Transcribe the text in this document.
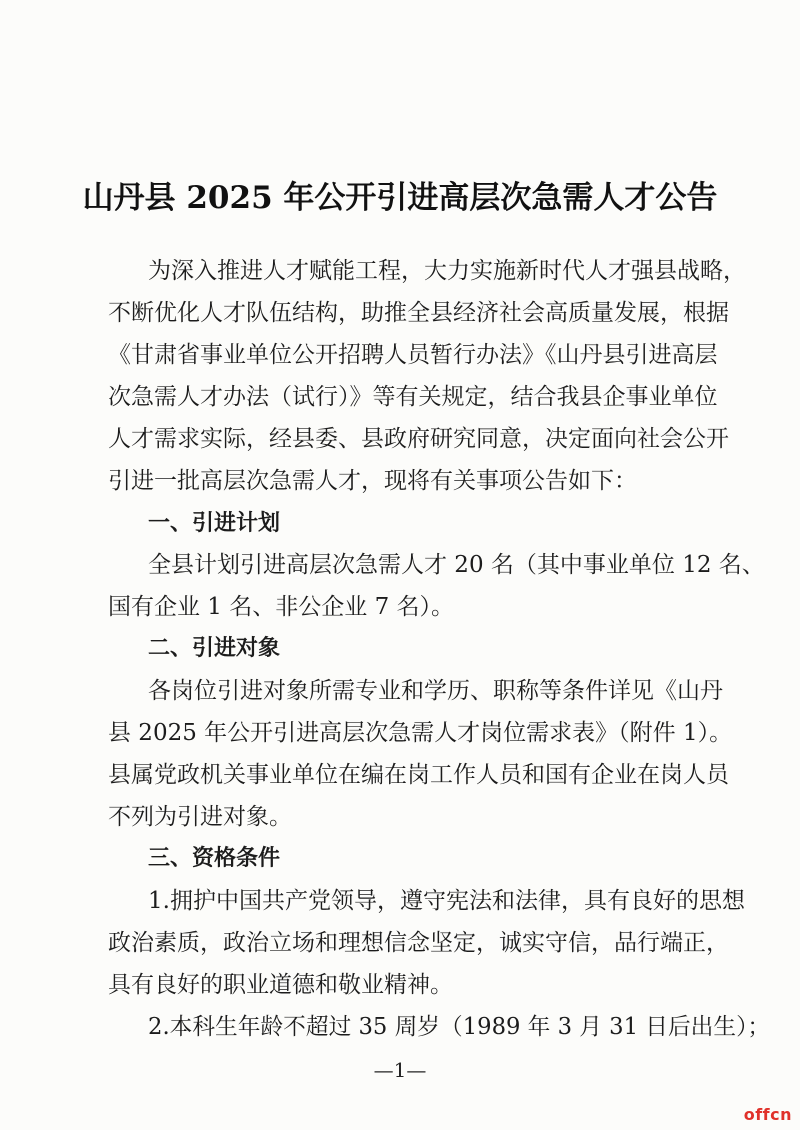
山丹县 2025 年公开引进高层次急需人才公告
为深入推进人才赋能工程，大力实施新时代人才强县战略，
不断优化人才队伍结构，助推全县经济社会高质量发展，根据
《甘肃省事业单位公开招聘人员暂行办法》《山丹县引进高层
次急需人才办法（试行）》等有关规定，结合我县企事业单位
人才需求实际，经县委、县政府研究同意，决定面向社会公开
引进一批高层次急需人才，现将有关事项公告如下：
一、引进计划
全县计划引进高层次急需人才 20 名（其中事业单位 12 名、
国有企业 1 名、非公企业 7 名）。
二、引进对象
各岗位引进对象所需专业和学历、职称等条件详见《山丹
县 2025 年公开引进高层次急需人才岗位需求表》（附件 1）。
县属党政机关事业单位在编在岗工作人员和国有企业在岗人员
不列为引进对象。
三、资格条件
1.拥护中国共产党领导，遵守宪法和法律，具有良好的思想
政治素质，政治立场和理想信念坚定，诚实守信，品行端正，
具有良好的职业道德和敬业精神。
2.本科生年龄不超过 35 周岁（1989 年 3 月 31 日后出生）；
—1—
offcn
